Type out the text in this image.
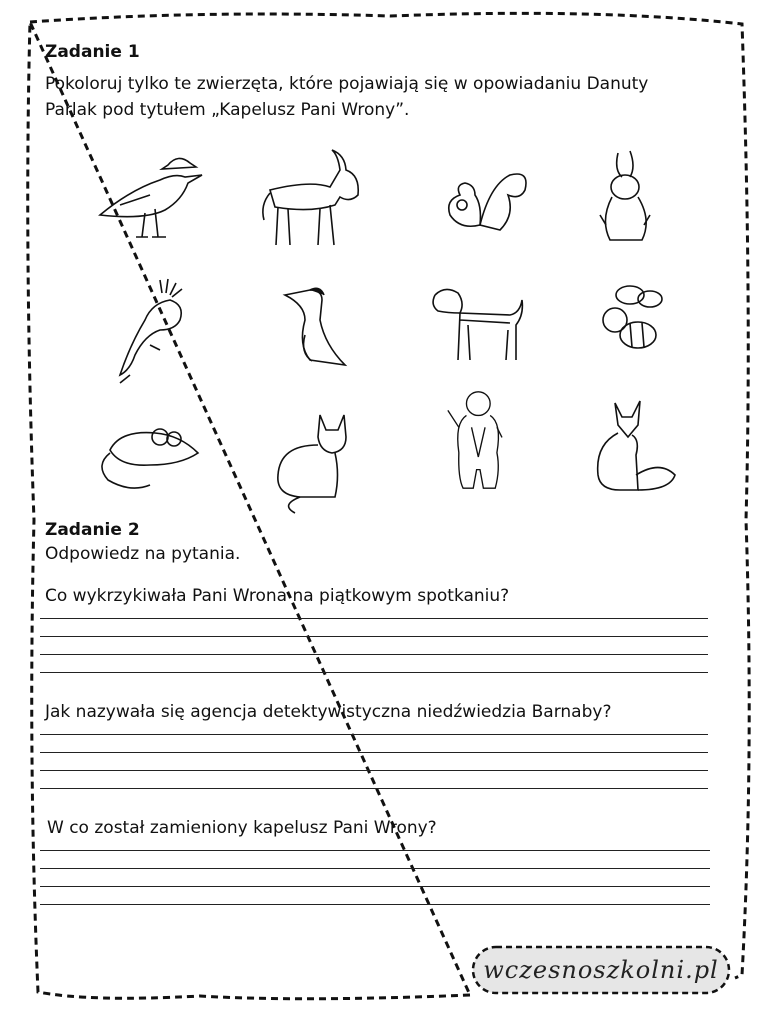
Zadanie 1

Pokoloruj tylko te zwierzęta, które pojawiają się w opowiadaniu Danuty

Parlak pod tytułem „Kapelusz Pani Wrony”.

Zadanie 2

Odpowiedz na pytania.

Co wykrzykiwała Pani Wrona na piątkowym spotkaniu?

Jak nazywała się agencja detektywistyczna niedźwiedzia Barnaby?

W co został zamieniony kapelusz Pani Wrony?

wczesnoszkolni.pl
